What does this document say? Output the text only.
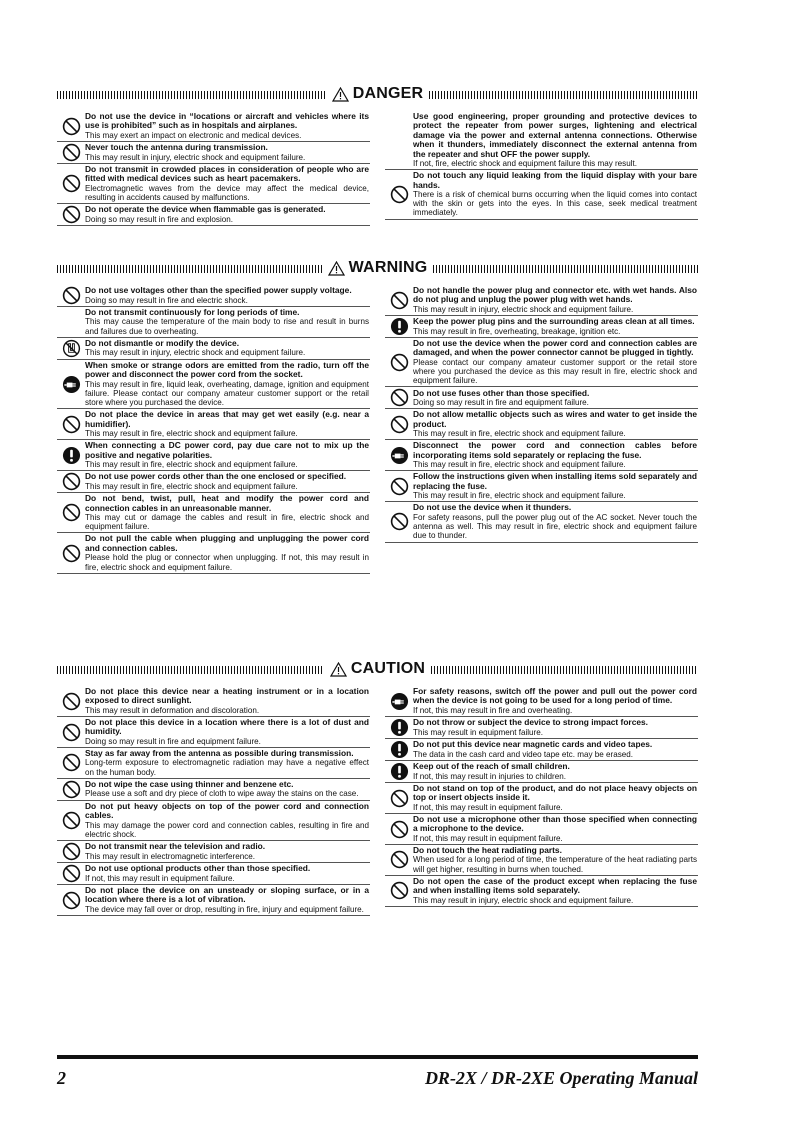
DANGER
Do not use the device in “locations or aircraft and vehicles where its use is prohibited” such as in hospitals and airplanes.
This may exert an impact on electronic and medical devices.
Never touch the antenna during transmission.
This may result in injury, electric shock and equipment failure.
Do not transmit in crowded places in consideration of people who are fitted with medical devices such as heart pacemakers.
Electromagnetic waves from the device may affect the medical device, resulting in accidents caused by malfunctions.
Do not operate the device when flammable gas is generated.
Doing so may result in fire and explosion.
Use good engineering, proper grounding and protective devices to protect the repeater from power surges, lightening and electrical damage via the power and external antenna connections. Otherwise when it thunders, immediately disconnect the external antenna from the repeater and shut OFF the power supply.
If not, fire, electric shock and equipment failure this may result.
Do not touch any liquid leaking from the liquid display with your bare hands.
There is a risk of chemical burns occurring when the liquid comes into contact with the skin or gets into the eyes. In this case, seek medical treatment immediately.
WARNING
Do not use voltages other than the specified power supply voltage.
Doing so may result in fire and electric shock.
Do not transmit continuously for long periods of time.
This may cause the temperature of the main body to rise and result in burns and failures due to overheating.
Do not dismantle or modify the device.
This may result in injury, electric shock and equipment failure.
When smoke or strange odors are emitted from the radio, turn off the power and disconnect the power cord from the socket.
This may result in fire, liquid leak, overheating, damage, ignition and equipment failure. Please contact our company amateur customer support or the retail store where you purchased the device.
Do not place the device in areas that may get wet easily (e.g. near a humidifier).
This may result in fire, electric shock and equipment failure.
When connecting a DC power cord, pay due care not to mix up the positive and negative polarities.
This may result in fire, electric shock and equipment failure.
Do not use power cords other than the one enclosed or specified.
This may result in fire, electric shock and equipment failure.
Do not bend, twist, pull, heat and modify the power cord and connection cables in an unreasonable manner.
This may cut or damage the cables and result in fire, electric shock and equipment failure.
Do not pull the cable when plugging and unplugging the power cord and connection cables.
Please hold the plug or connector when unplugging. If not, this may result in fire, electric shock and equipment failure.
Do not handle the power plug and connector etc. with wet hands. Also do not plug and unplug the power plug with wet hands.
This may result in injury, electric shock and equipment failure.
Keep the power plug pins and the surrounding areas clean at all times.
This may result in fire, overheating, breakage, ignition etc.
Do not use the device when the power cord and connection cables are damaged, and when the power connector cannot be plugged in tightly.
Please contact our company amateur customer support or the retail store where you purchased the device as this may result in fire, electric shock and equipment failure.
Do not use fuses other than those specified.
Doing so may result in fire and equipment failure.
Do not allow metallic objects such as wires and water to get inside the product.
This may result in fire, electric shock and equipment failure.
Disconnect the power cord and connection cables before incorporating items sold separately or replacing the fuse.
This may result in fire, electric shock and equipment failure.
Follow the instructions given when installing items sold separately and replacing the fuse.
This may result in fire, electric shock and equipment failure.
Do not use the device when it thunders.
For safety reasons, pull the power plug out of the AC socket. Never touch the antenna as well. This may result in fire, electric shock and equipment failure due to thunder.
CAUTION
Do not place this device near a heating instrument or in a location exposed to direct sunlight.
This may result in deformation and discoloration.
Do not place this device in a location where there is a lot of dust and humidity.
Doing so may result in fire and equipment failure.
Stay as far away from the antenna as possible during transmission.
Long-term exposure to electromagnetic radiation may have a negative effect on the human body.
Do not wipe the case using thinner and benzene etc.
Please use a soft and dry piece of cloth to wipe away the stains on the case.
Do not put heavy objects on top of the power cord and connection cables.
This may damage the power cord and connection cables, resulting in fire and electric shock.
Do not transmit near the television and radio.
This may result in electromagnetic interference.
Do not use optional products other than those specified.
If not, this may result in equipment failure.
Do not place the device on an unsteady or sloping surface, or in a location where there is a lot of vibration.
The device may fall over or drop, resulting in fire, injury and equipment failure.
For safety reasons, switch off the power and pull out the power cord when the device is not going to be used for a long period of time.
If not, this may result in fire and overheating.
Do not throw or subject the device to strong impact forces.
This may result in equipment failure.
Do not put this device near magnetic cards and video tapes.
The data in the cash card and video tape etc. may be erased.
Keep out of the reach of small children.
If not, this may result in injuries to children.
Do not stand on top of the product, and do not place heavy objects on top or insert objects inside it.
If not, this may result in equipment failure.
Do not use a microphone other than those specified when connecting a microphone to the device.
If not, this may result in equipment failure.
Do not touch the heat radiating parts.
When used for a long period of time, the temperature of the heat radiating parts will get higher, resulting in burns when touched.
Do not open the case of the product except when replacing the fuse and when installing items sold separately.
This may result in injury, electric shock and equipment failure.
2	DR-2X / DR-2XE Operating Manual
